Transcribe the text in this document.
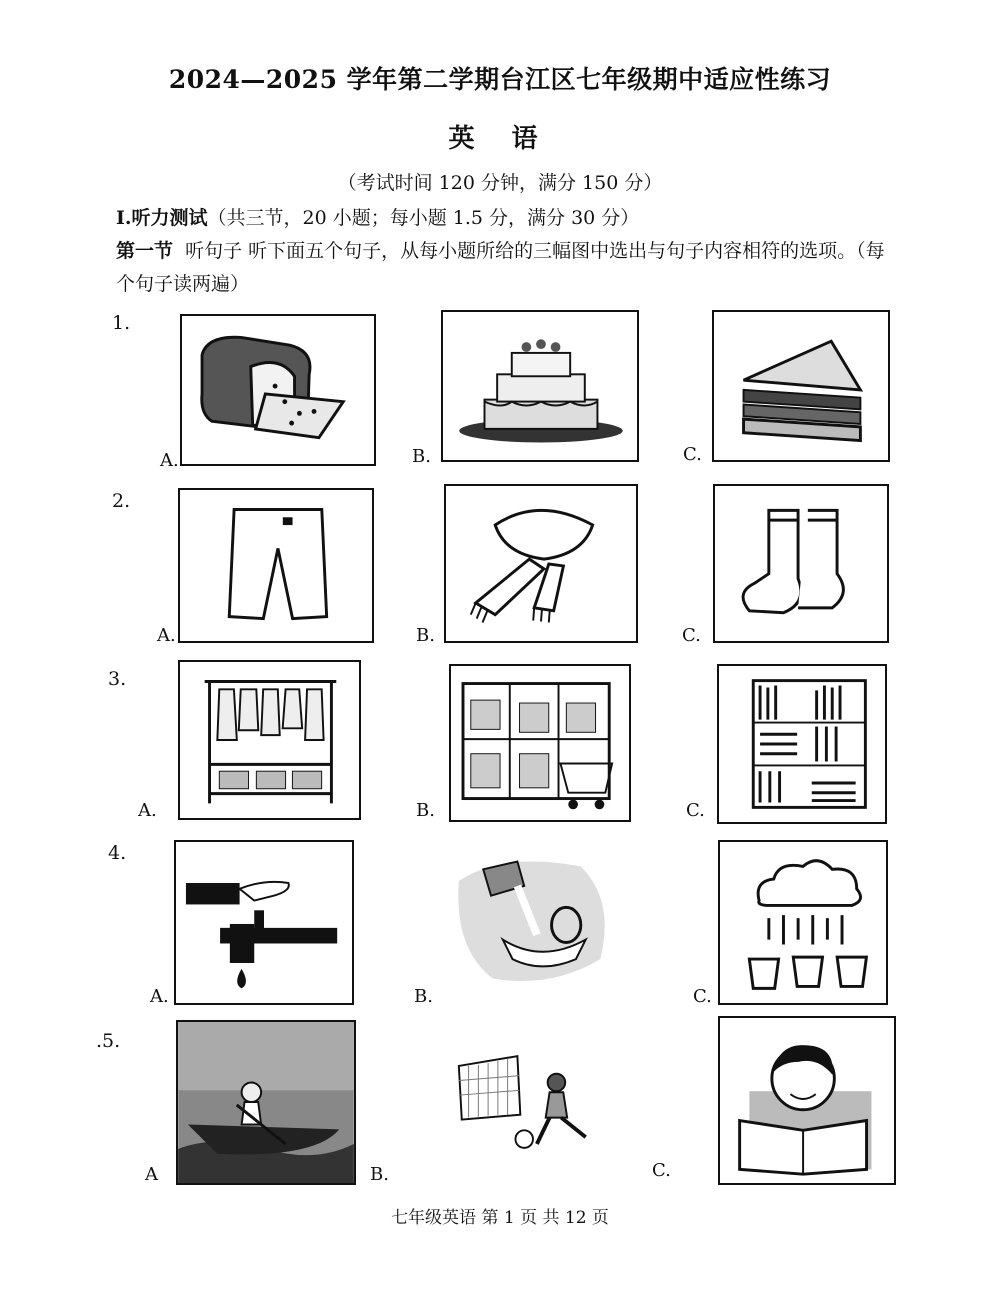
2024—2025 学年第二学期台江区七年级期中适应性练习
英 语
（考试时间 120 分钟，满分 150 分）
I.听力测试（共三节，20 小题；每小题 1.5 分，满分 30 分）
第一节 听句子 听下面五个句子，从每小题所给的三幅图中选出与句子内容相符的选项。（每个句子读两遍）
1.
A.	B.	C.
2.
A.	B.	C.
3.
A.	B.	C.
4.
A.	B.	C.
.5.
A	B.	C.
七年级英语 第 1 页 共 12 页
